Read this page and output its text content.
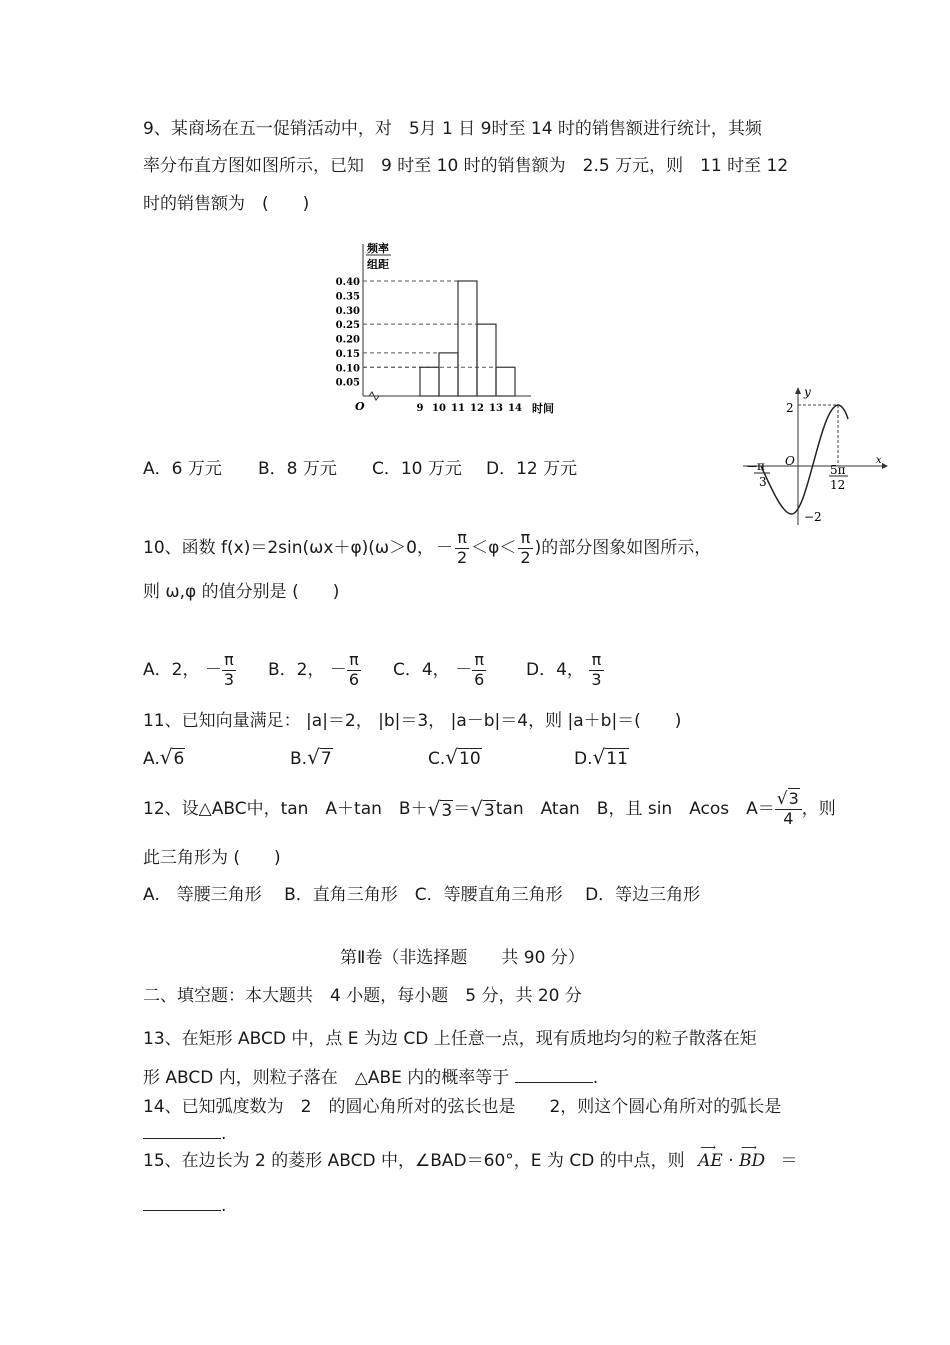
9、某商场在五一促销活动中，对　5月 1 日 9时至 14 时的销售额进行统计，其频
率分布直方图如图所示，已知　9 时至 10 时的销售额为　2.5 万元，则　11 时至 12
时的销售额为　(　　)
频率
组距
O	时间
0.40
0.35
0.30
0.25
0.20
0.15
0.10
0.05
9 10 11 12 13 14
A．6 万元 B．8 万元 C．10 万元 D．12 万元
y
x
O
2
−2
－
π
3
5π
12
10、函数 f(x)＝2sin(ωx＋φ)(ω＞0， － $\frac{\pi}{2} <\varphi< \frac{\pi}{2}$ )的部分图象如图所示，
则 ω,φ 的值分别是 (　　)
A．2，
－ $\frac{\pi}{3}$ B．2，
－ $\frac{\pi}{6}$ C．4，
－ $\frac{\pi}{6}$ D．4，
$\frac{\pi}{3}$
11、已知向量满足： |a|＝2， |b|＝3， |a－b|＝4，则 |a＋b|＝(　　)
A.√6	B.√7	C.√10	D.√11
12、设△ABC中，tan　A＋tan　B＋ √3 ＝ √3 tan　Atan　B，且 sin　Acos　$A= \frac{√3}{4}$ ，则
此三角形为 (　　)
A.　等腰三角形　 B．直角三角形　C．等腰直角三角形　 D．等边三角形
第Ⅱ卷（非选择题　　共 90 分）
二、填空题：本大题共　4 小题，每小题　5 分，共 20 分
13、在矩形 ABCD 中，点 E 为边 CD 上任意一点，现有质地均匀的粒子散落在矩
形 ABCD 内，则粒子落在　△ABE 内的概率等于	.
14、已知弧度数为　2　的圆心角所对的弦长也是　　2，则这个圆心角所对的弧长是
.
15、在边长为 2 的菱形 ABCD 中，∠BAD＝60°，E 为 CD 的中点，则
⟶
AE ·
⟶
BD ＝
.
